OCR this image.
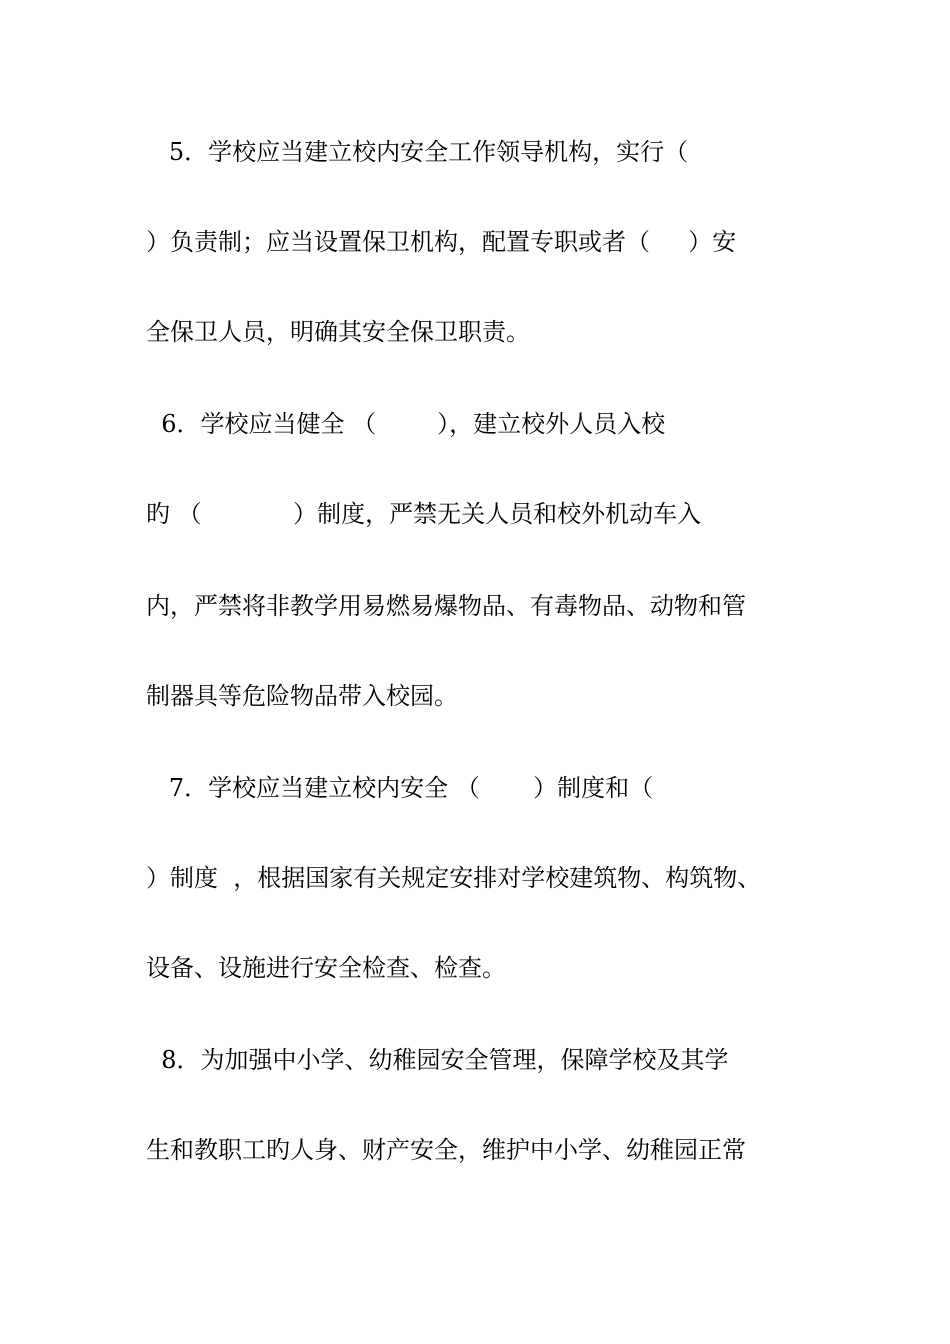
5．学校应当建立校内安全工作领导机构，实行（
）负责制；应当设置保卫机构，配置专职或者（     ）安
全保卫人员，明确其安全保卫职责。
6．学校应当健全 （        ），建立校外人员入校
旳 （            ）制度，严禁无关人员和校外机动车入
内，严禁将非教学用易燃易爆物品、有毒物品、动物和管
制器具等危险物品带入校园。
7．学校应当建立校内安全 （       ）制度和（
）制度  ，根据国家有关规定安排对学校建筑物、构筑物、
设备、设施进行安全检查、检查。
8．为加强中小学、幼稚园安全管理，保障学校及其学
生和教职工旳人身、财产安全，维护中小学、幼稚园正常
